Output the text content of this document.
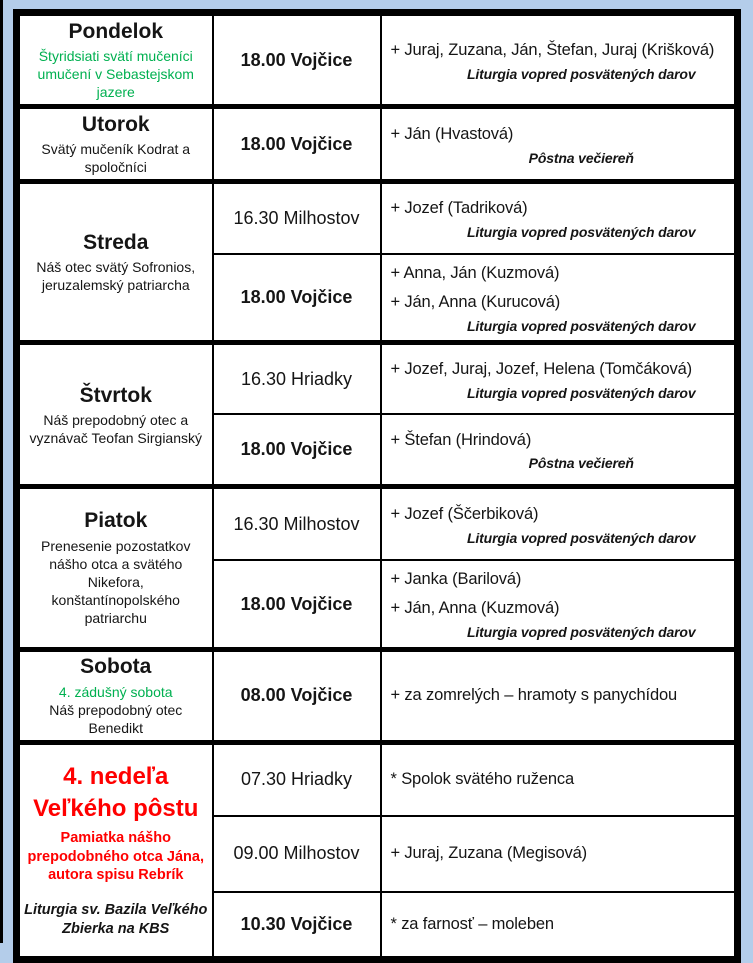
Pondelok
Štyridsiati svätí mučeníci umučení v Sebastejskom jazere
	18.00 Vojčice	+ Juraj, Zuzana, Ján, Štefan, Juraj (Krišková)
Liturgia vopred posvätených darov

Utorok
Svätý mučeník Kodrat a spoločníci
	18.00 Vojčice	+ Ján (Hvastová)
Pôstna večiereň

Streda
Náš otec svätý Sofronios, jeruzalemský patriarcha
	16.30 Milhostov	+ Jozef (Tadriková)
Liturgia vopred posvätených darov

	18.00 Vojčice	+ Anna, Ján (Kuzmová)
+ Ján, Anna (Kurucová)
Liturgia vopred posvätených darov

Štvrtok
Náš prepodobný otec a vyznávač Teofan Sirgianský
	16.30 Hriadky	+ Jozef, Juraj, Jozef, Helena (Tomčáková)
Liturgia vopred posvätených darov

	18.00 Vojčice	+ Štefan (Hrindová)
Pôstna večiereň

Piatok
Prenesenie pozostatkov nášho otca a svätého Nikefora, konštantínopolského patriarchu
	16.30 Milhostov	+ Jozef (Ščerbiková)
Liturgia vopred posvätených darov

	18.00 Vojčice	+ Janka (Barilová)
+ Ján, Anna (Kuzmová)
Liturgia vopred posvätených darov

Sobota
4. zádušný sobota
Náš prepodobný otec Benedikt	08.00 Vojčice	+ za zomrelých – hramoty s panychídou

4. nedeľa Veľkého pôstu
Pamiatka nášho prepodobného otca Jána, autora spisu Rebrík
Liturgia sv. Bazila Veľkého
Zbierka na KBS	07.30 Hriadky	* Spolok svätého ruženca

	09.00 Milhostov	+ Juraj, Zuzana (Megisová)

	10.30 Vojčice	* za farnosť – moleben
